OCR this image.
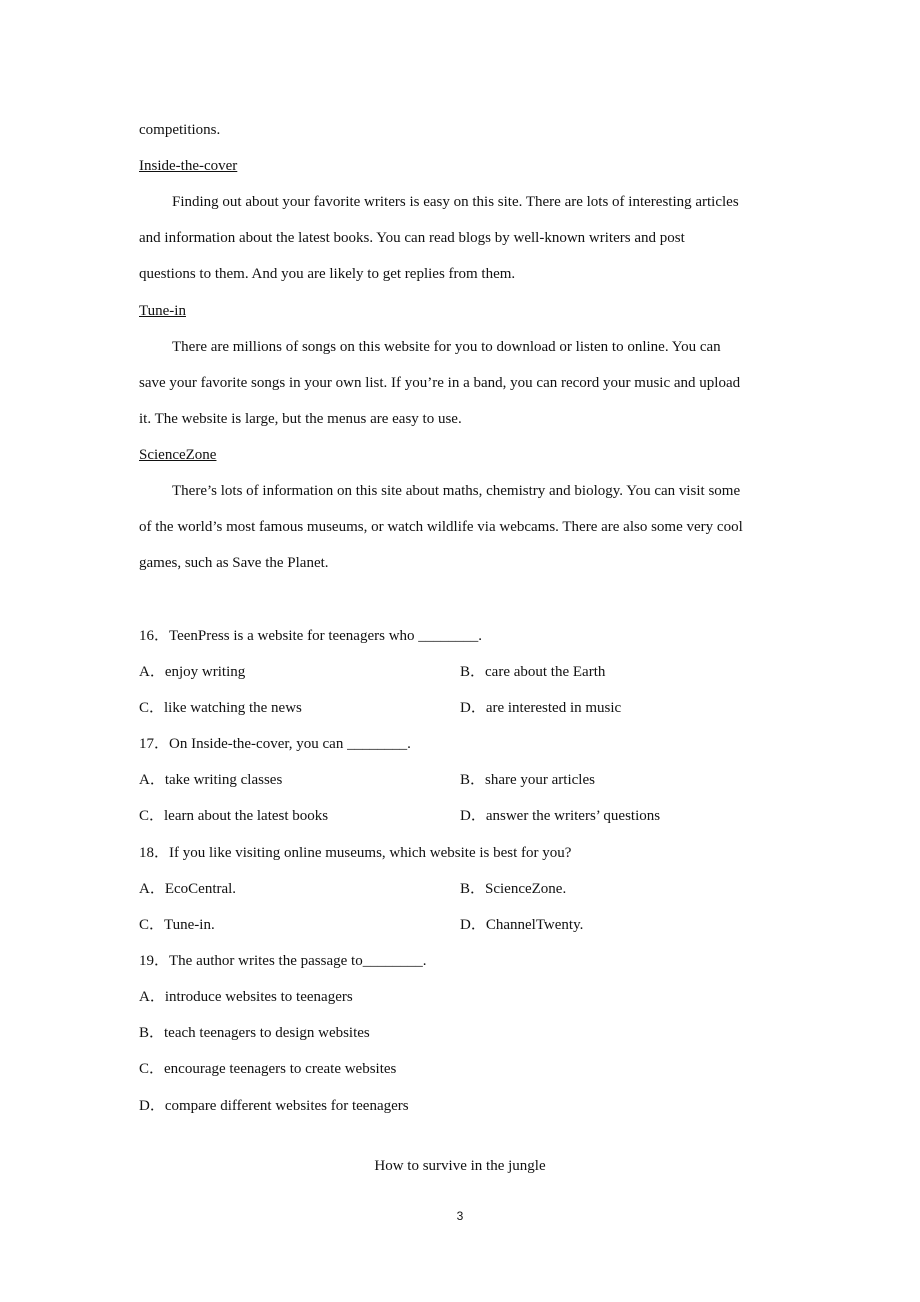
competitions.
Inside-the-cover
Finding out about your favorite writers is easy on this site. There are lots of interesting articles
and information about the latest books. You can read blogs by well-known writers and post
questions to them. And you are likely to get replies from them.
Tune-in
There are millions of songs on this website for you to download or listen to online. You can
save your favorite songs in your own list. If you’re in a band, you can record your music and upload
it. The website is large, but the menus are easy to use.
ScienceZone
There’s lots of information on this site about maths, chemistry and biology. You can visit some
of the world’s most famous museums, or watch wildlife via webcams. There are also some very cool
games, such as Save the Planet.
16．TeenPress is a website for teenagers who ________.
A．enjoy writing	B．care about the Earth
C．like watching the news	D．are interested in music
17．On Inside-the-cover, you can ________.
A．take writing classes	B．share your articles
C．learn about the latest books	D．answer the writers’ questions
18．If you like visiting online museums, which website is best for you?
A．EcoCentral.	B．ScienceZone.
C．Tune-in.	D．ChannelTwenty.
19．The author writes the passage to________.
A．introduce websites to teenagers
B．teach teenagers to design websites
C．encourage teenagers to create websites
D．compare different websites for teenagers
How to survive in the jungle
3
